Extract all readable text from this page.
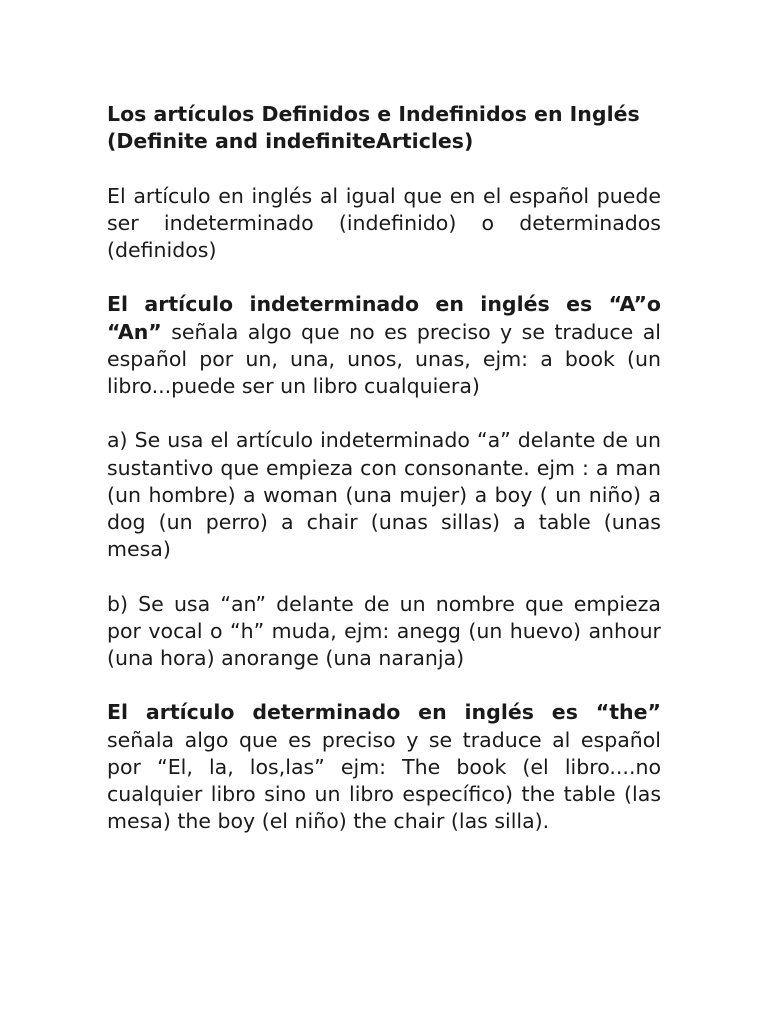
Los artículos Definidos e Indefinidos en Inglés (Definite and indefiniteArticles)

El artículo en inglés al igual que en el español puede ser indeterminado (indefinido) o determinados (definidos)

El artículo indeterminado en inglés es “A”o “An” señala algo que no es preciso y se traduce al español por un, una, unos, unas, ejm: a book (un libro...puede ser un libro cualquiera)

a) Se usa el artículo indeterminado “a” delante de un sustantivo que empieza con consonante. ejm : a man (un hombre) a woman (una mujer) a boy ( un niño) a dog (un perro) a chair (unas sillas) a table (unas mesa)

b) Se usa “an” delante de un nombre que empieza por vocal o “h” muda, ejm: anegg (un huevo) anhour (una hora) anorange (una naranja)

El artículo determinado en inglés es “the” señala algo que es preciso y se traduce al español por “El, la, los,las” ejm: The book (el libro....no cualquier libro sino un libro específico) the table (las mesa) the boy (el niño) the chair (las silla).
